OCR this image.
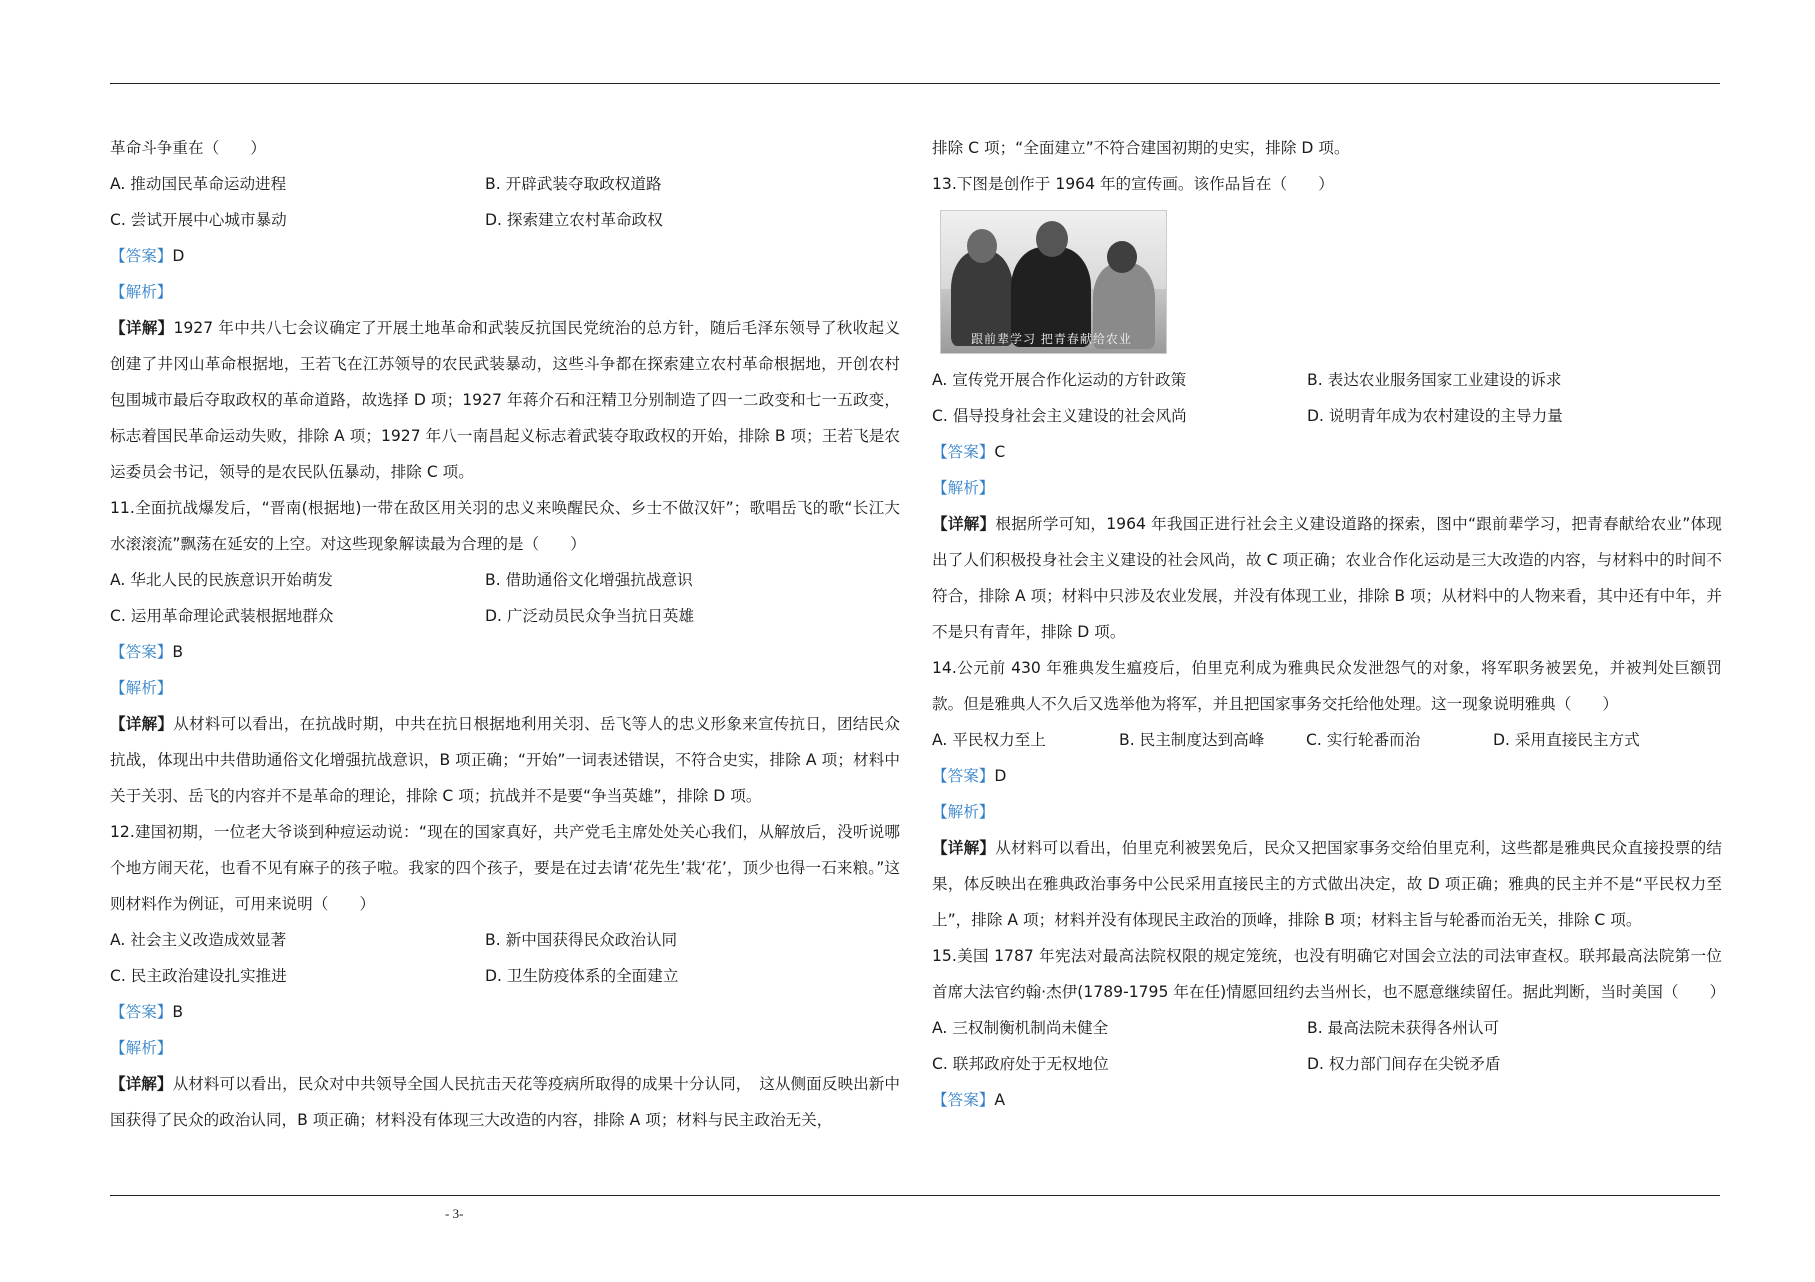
革命斗争重在（　　）

A. 推动国民革命运动进程	B. 开辟武装夺取政权道路
C. 尝试开展中心城市暴动	D. 探索建立农村革命政权

【答案】D

【解析】

【详解】1927 年中共八七会议确定了开展土地革命和武装反抗国民党统治的总方针，随后毛泽东领导了秋收起义创建了井冈山革命根据地，王若飞在江苏领导的农民武装暴动，这些斗争都在探索建立农村革命根据地，开创农村包围城市最后夺取政权的革命道路，故选择 D 项；1927 年蒋介石和汪精卫分别制造了四一二政变和七一五政变，标志着国民革命运动失败，排除 A 项；1927 年八一南昌起义标志着武装夺取政权的开始，排除 B 项；王若飞是农运委员会书记，领导的是农民队伍暴动，排除 C 项。

11.全面抗战爆发后，“晋南(根据地)一带在敌区用关羽的忠义来唤醒民众、乡士不做汉奸”；歌唱岳飞的歌“长江大水滚滚流”飘荡在延安的上空。对这些现象解读最为合理的是（　　）

A. 华北人民的民族意识开始萌发	B. 借助通俗文化增强抗战意识
C. 运用革命理论武装根据地群众	D. 广泛动员民众争当抗日英雄

【答案】B

【解析】

【详解】从材料可以看出，在抗战时期，中共在抗日根据地利用关羽、岳飞等人的忠义形象来宣传抗日，团结民众抗战，体现出中共借助通俗文化增强抗战意识，B 项正确；“开始”一词表述错误，不符合史实，排除 A 项；材料中关于关羽、岳飞的内容并不是革命的理论，排除 C 项；抗战并不是要“争当英雄”，排除 D 项。

12.建国初期，一位老大爷谈到种痘运动说：“现在的国家真好，共产党毛主席处处关心我们，从解放后，没听说哪个地方闹天花，也看不见有麻子的孩子啦。我家的四个孩子，要是在过去请‘花先生’栽‘花’，顶少也得一石来粮。”这则材料作为例证，可用来说明（　　）

A. 社会主义改造成效显著	B. 新中国获得民众政治认同
C. 民主政治建设扎实推进	D. 卫生防疫体系的全面建立

【答案】B

【解析】

【详解】从材料可以看出，民众对中共领导全国人民抗击天花等疫病所取得的成果十分认同，　这从侧面反映出新中国获得了民众的政治认同，B 项正确；材料没有体现三大改造的内容，排除 A 项；材料与民主政治无关，

排除 C 项；“全面建立”不符合建国初期的史实，排除 D 项。

13.下图是创作于 1964 年的宣传画。该作品旨在（　　）

跟前辈学习 把青春献给农业
A. 宣传党开展合作化运动的方针政策	B. 表达农业服务国家工业建设的诉求
C. 倡导投身社会主义建设的社会风尚	D. 说明青年成为农村建设的主导力量

【答案】C

【解析】

【详解】根据所学可知，1964 年我国正进行社会主义建设道路的探索，图中“跟前辈学习，把青春献给农业”体现出了人们积极投身社会主义建设的社会风尚，故 C 项正确；农业合作化运动是三大改造的内容，与材料中的时间不符合，排除 A 项；材料中只涉及农业发展，并没有体现工业，排除 B 项；从材料中的人物来看，其中还有中年，并不是只有青年，排除 D 项。

14.公元前 430 年雅典发生瘟疫后，伯里克利成为雅典民众发泄怨气的对象，将军职务被罢免，并被判处巨额罚款。但是雅典人不久后又选举他为将军，并且把国家事务交托给他处理。这一现象说明雅典（　　）

A. 平民权力至上	B. 民主制度达到高峰	C. 实行轮番而治	D. 采用直接民主方式

【答案】D

【解析】

【详解】从材料可以看出，伯里克利被罢免后，民众又把国家事务交给伯里克利，这些都是雅典民众直接投票的结果，体反映出在雅典政治事务中公民采用直接民主的方式做出决定，故 D 项正确；雅典的民主并不是“平民权力至上”，排除 A 项；材料并没有体现民主政治的顶峰，排除 B 项；材料主旨与轮番而治无关，排除 C 项。

15.美国 1787 年宪法对最高法院权限的规定笼统，也没有明确它对国会立法的司法审查权。联邦最高法院第一位首席大法官约翰·杰伊(1789-1795 年在任)情愿回纽约去当州长，也不愿意继续留任。据此判断，当时美国（　　）

A. 三权制衡机制尚未健全	B. 最高法院未获得各州认可
C. 联邦政府处于无权地位	D. 权力部门间存在尖锐矛盾

【答案】A

- 3-
